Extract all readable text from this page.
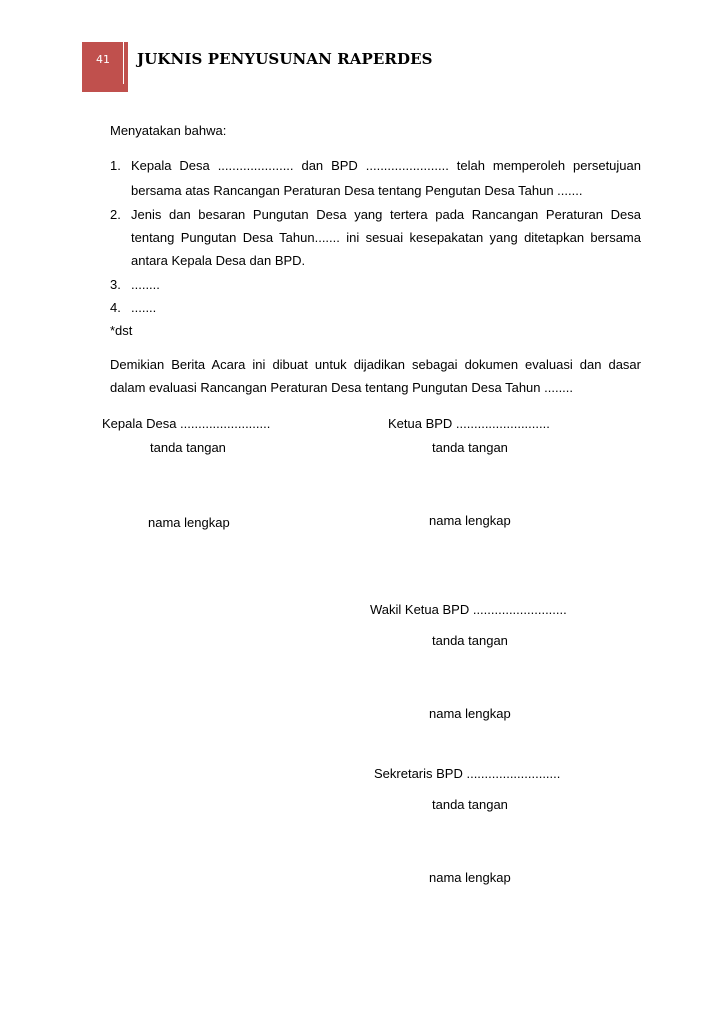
41	JUKNIS PENYUSUNAN RAPERDES
Menyatakan bahwa:
1. Kepala Desa ..................... dan BPD ....................... telah memperoleh persetujuan
bersama atas Rancangan Peraturan Desa tentang Pengutan Desa Tahun .......
2. Jenis dan besaran Pungutan Desa yang tertera pada Rancangan Peraturan Desa
tentang Pungutan Desa Tahun....... ini sesuai kesepakatan yang ditetapkan bersama
antara Kepala Desa dan BPD.
3. ........
4. .......
*dst
Demikian Berita Acara ini dibuat untuk dijadikan sebagai dokumen evaluasi dan dasar
dalam evaluasi Rancangan Peraturan Desa tentang Pungutan Desa Tahun ........
Kepala Desa .........................
tanda tangan
nama lengkap
Ketua BPD ..........................
tanda tangan
nama lengkap
Wakil Ketua BPD ..........................
tanda tangan
nama lengkap
Sekretaris BPD ..........................
tanda tangan
nama lengkap
